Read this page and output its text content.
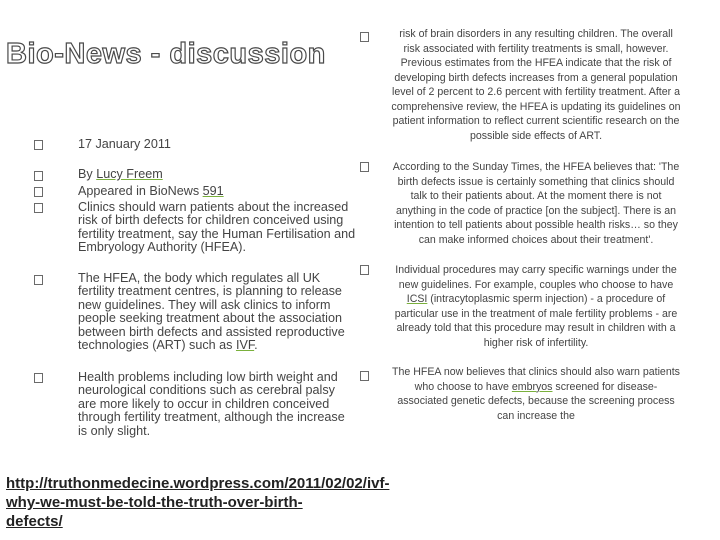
Bio-News - discussion
17 January 2011
By Lucy Freem
Appeared in BioNews 591
Clinics should warn patients about the increased risk of birth defects for children conceived using fertility treatment, say the Human Fertilisation and Embryology Authority (HFEA).
The HFEA, the body which regulates all UK fertility treatment centres, is planning to release new guidelines. They will ask clinics to inform people seeking treatment about the association between birth defects and assisted reproductive technologies (ART) such as IVF.
Health problems including low birth weight and neurological conditions such as cerebral palsy are more likely to occur in children conceived through fertility treatment, although the increase is only slight.
http://truthonmedecine.wordpress.com/2011/02/02/ivf-why-we-must-be-told-the-truth-over-birth-defects/
risk of brain disorders in any resulting children. The overall risk associated with fertility treatments is small, however. Previous estimates from the HFEA indicate that the risk of developing birth defects increases from a general population level of 2 percent to 2.6 percent with fertility treatment. After a comprehensive review, the HFEA is updating its guidelines on patient information to reflect current scientific research on the possible side effects of ART.
According to the Sunday Times, the HFEA believes that: 'The birth defects issue is certainly something that clinics should talk to their patients about. At the moment there is not anything in the code of practice [on the subject]. There is an intention to tell patients about possible health risks… so they can make informed choices about their treatment'.
Individual procedures may carry specific warnings under the new guidelines. For example, couples who choose to have ICSI (intracytoplasmic sperm injection) - a procedure of particular use in the treatment of male fertility problems - are already told that this procedure may result in children with a higher risk of infertility.
The HFEA now believes that clinics should also warn patients who choose to have embryos screened for disease-associated genetic defects, because the screening process can increase the
